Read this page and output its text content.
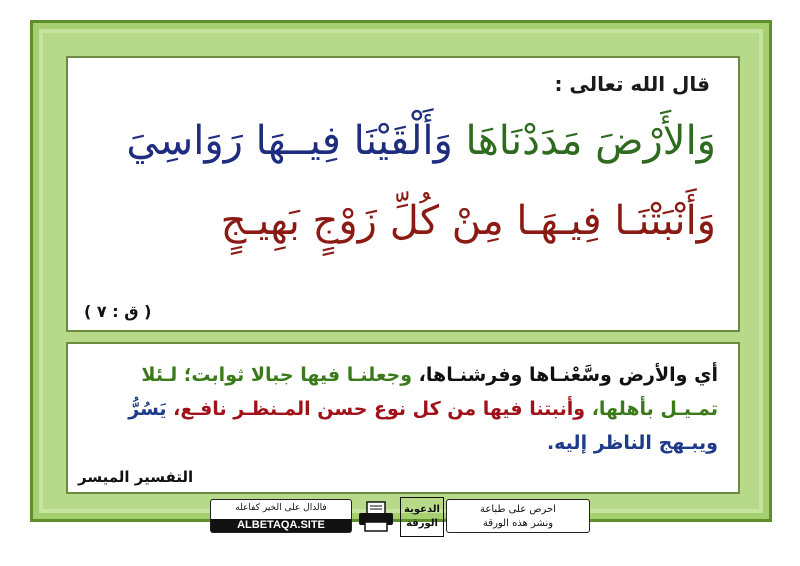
قال الله تعالى :
وَالأَرْضَ مَدَدْنَاهَا وَأَلْقَيْنَا فِيــهَا رَوَاسِيَ
وَأَنْبَتْنَـا فِيـهَـا مِنْ كُلِّ زَوْجٍ بَهِيـجٍ
( ق : ٧ )
أي والأرض وسَّعْنـاها وفرشنـاها، وجعلنـا فيها جبالا ثوابت؛ لـئلا تمـيـل بأهلها، وأنبتنا فيها من كل نوع حسن المـنظـر نافـع، يَسُرُّ ويبـهج الناظر إليه.
التفسير الميسر
فالدال على الخير كفاعله
ALBETAQA.SITE
الدعوية
الورقة
احرص على طباعة
ونشر هذه الورقة
